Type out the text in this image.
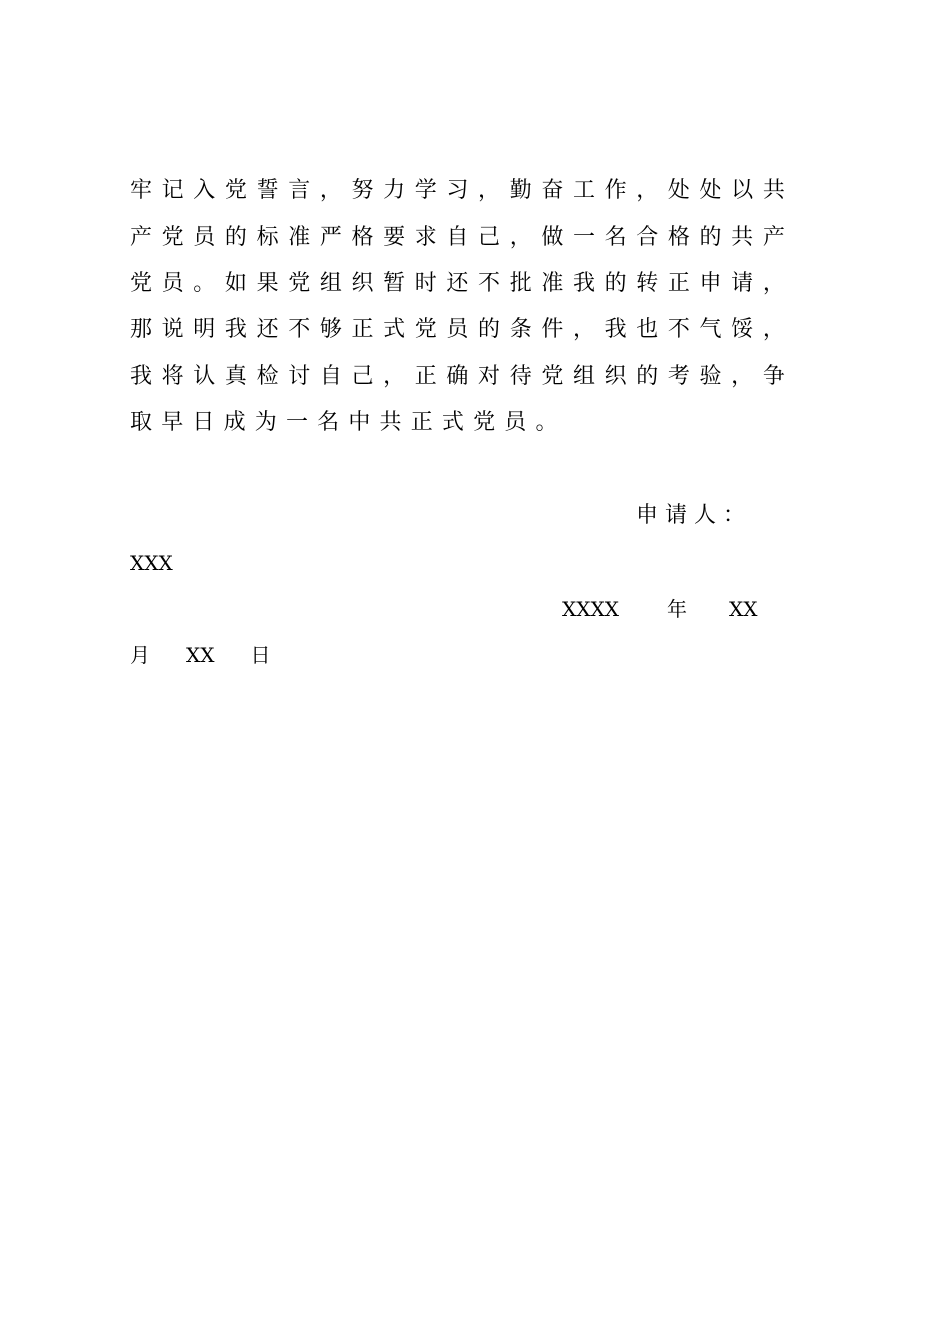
牢 记 入 党 誓 言 ， 努 力 学 习 ， 勤 奋 工 作 ， 处 处 以 共
产 党 员 的 标 准 严 格 要 求 自 己 ， 做 一 名 合 格 的 共 产
党 员 。 如 果 党 组 织 暂 时 还 不 批 准 我 的 转 正 申 请 ，
那 说 明 我 还 不 够 正 式 党 员 的 条 件 ， 我 也 不 气 馁 ，
我 将 认 真 检 讨 自 己 ， 正 确 对 待 党 组 织 的 考 验 ， 争
取 早 日 成 为 一 名 中 共 正 式 党 员 。
申请人：
XXX
XXXX 年 XX
月 XX 日
